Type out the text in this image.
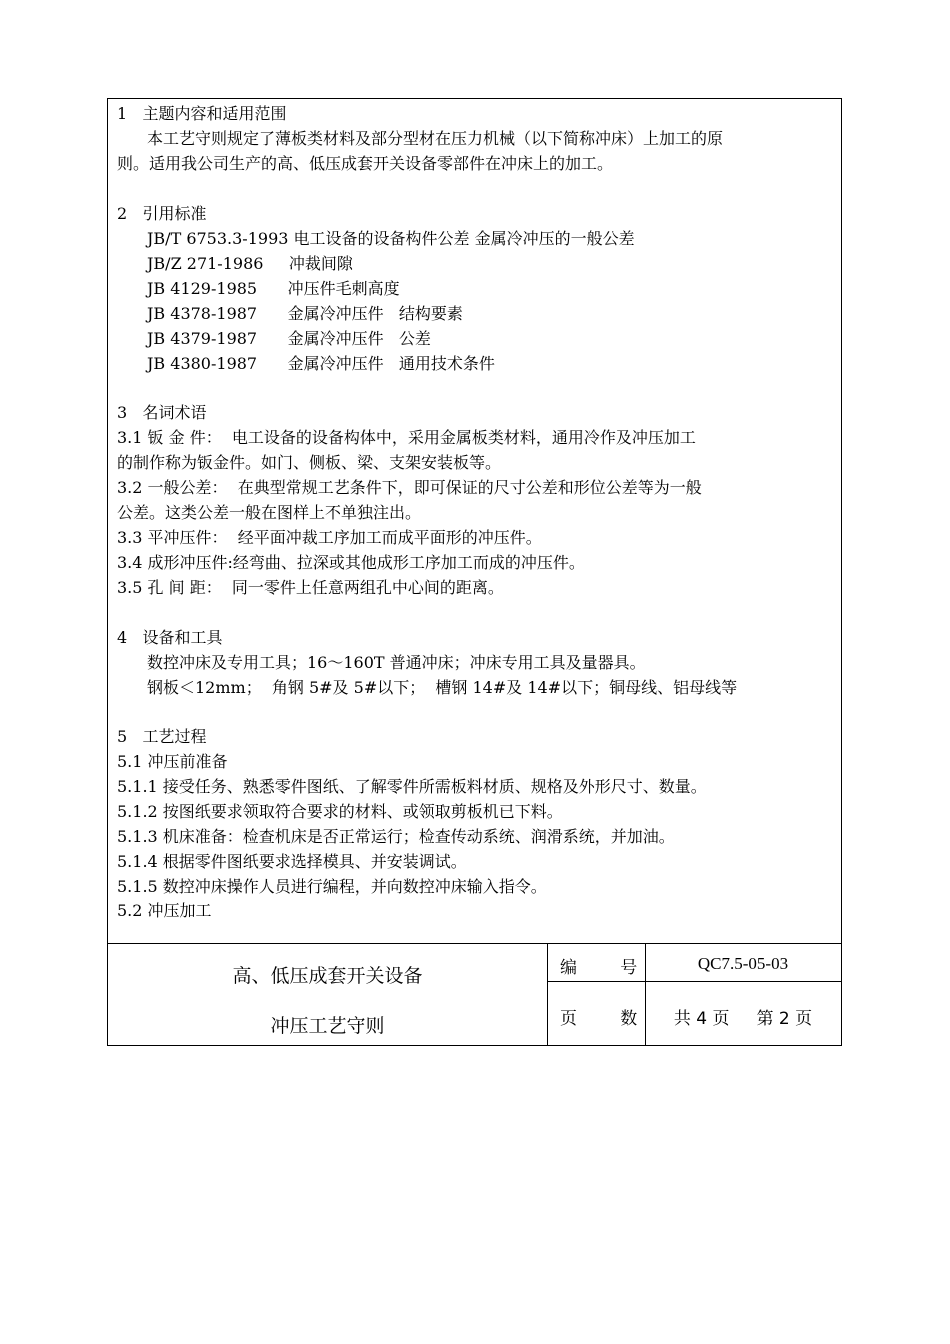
1   主题内容和适用范围
本工艺守则规定了薄板类材料及部分型材在压力机械（以下简称冲床）上加工的原
则。适用我公司生产的高、低压成套开关设备零部件在冲床上的加工。
2   引用标准
JB/T 6753.3-1993 电工设备的设备构件公差 金属冷冲压的一般公差
JB/Z 271-1986     冲裁间隙
JB 4129-1985      冲压件毛刺高度
JB 4378-1987      金属冷冲压件   结构要素
JB 4379-1987      金属冷冲压件   公差
JB 4380-1987      金属冷冲压件   通用技术条件
3   名词术语
3.1 钣 金 件：  电工设备的设备构体中，采用金属板类材料，通用冷作及冲压加工
的制作称为钣金件。如门、侧板、梁、支架安装板等。
3.2 一般公差：  在典型常规工艺条件下，即可保证的尺寸公差和形位公差等为一般
公差。这类公差一般在图样上不单独注出。
3.3 平冲压件：  经平面冲裁工序加工而成平面形的冲压件。
3.4 成形冲压件:经弯曲、拉深或其他成形工序加工而成的冲压件。
3.5 孔 间 距：  同一零件上任意两组孔中心间的距离。
4   设备和工具
数控冲床及专用工具；16～160T 普通冲床；冲床专用工具及量器具。
钢板＜12mm；  角钢 5#及 5#以下；  槽钢 14#及 14#以下；铜母线、铝母线等
5   工艺过程
5.1 冲压前准备
5.1.1 接受任务、熟悉零件图纸、了解零件所需板料材质、规格及外形尺寸、数量。
5.1.2 按图纸要求领取符合要求的材料、或领取剪板机已下料。
5.1.3 机床准备：检查机床是否正常运行；检查传动系统、润滑系统，并加油。
5.1.4 根据零件图纸要求选择模具、并安装调试。
5.1.5 数控冲床操作人员进行编程，并向数控冲床输入指令。
5.2 冲压加工
高、低压成套开关设备
冲压工艺守则
编        号	QC7.5-05-03
页        数	共 4 页     第 2 页
